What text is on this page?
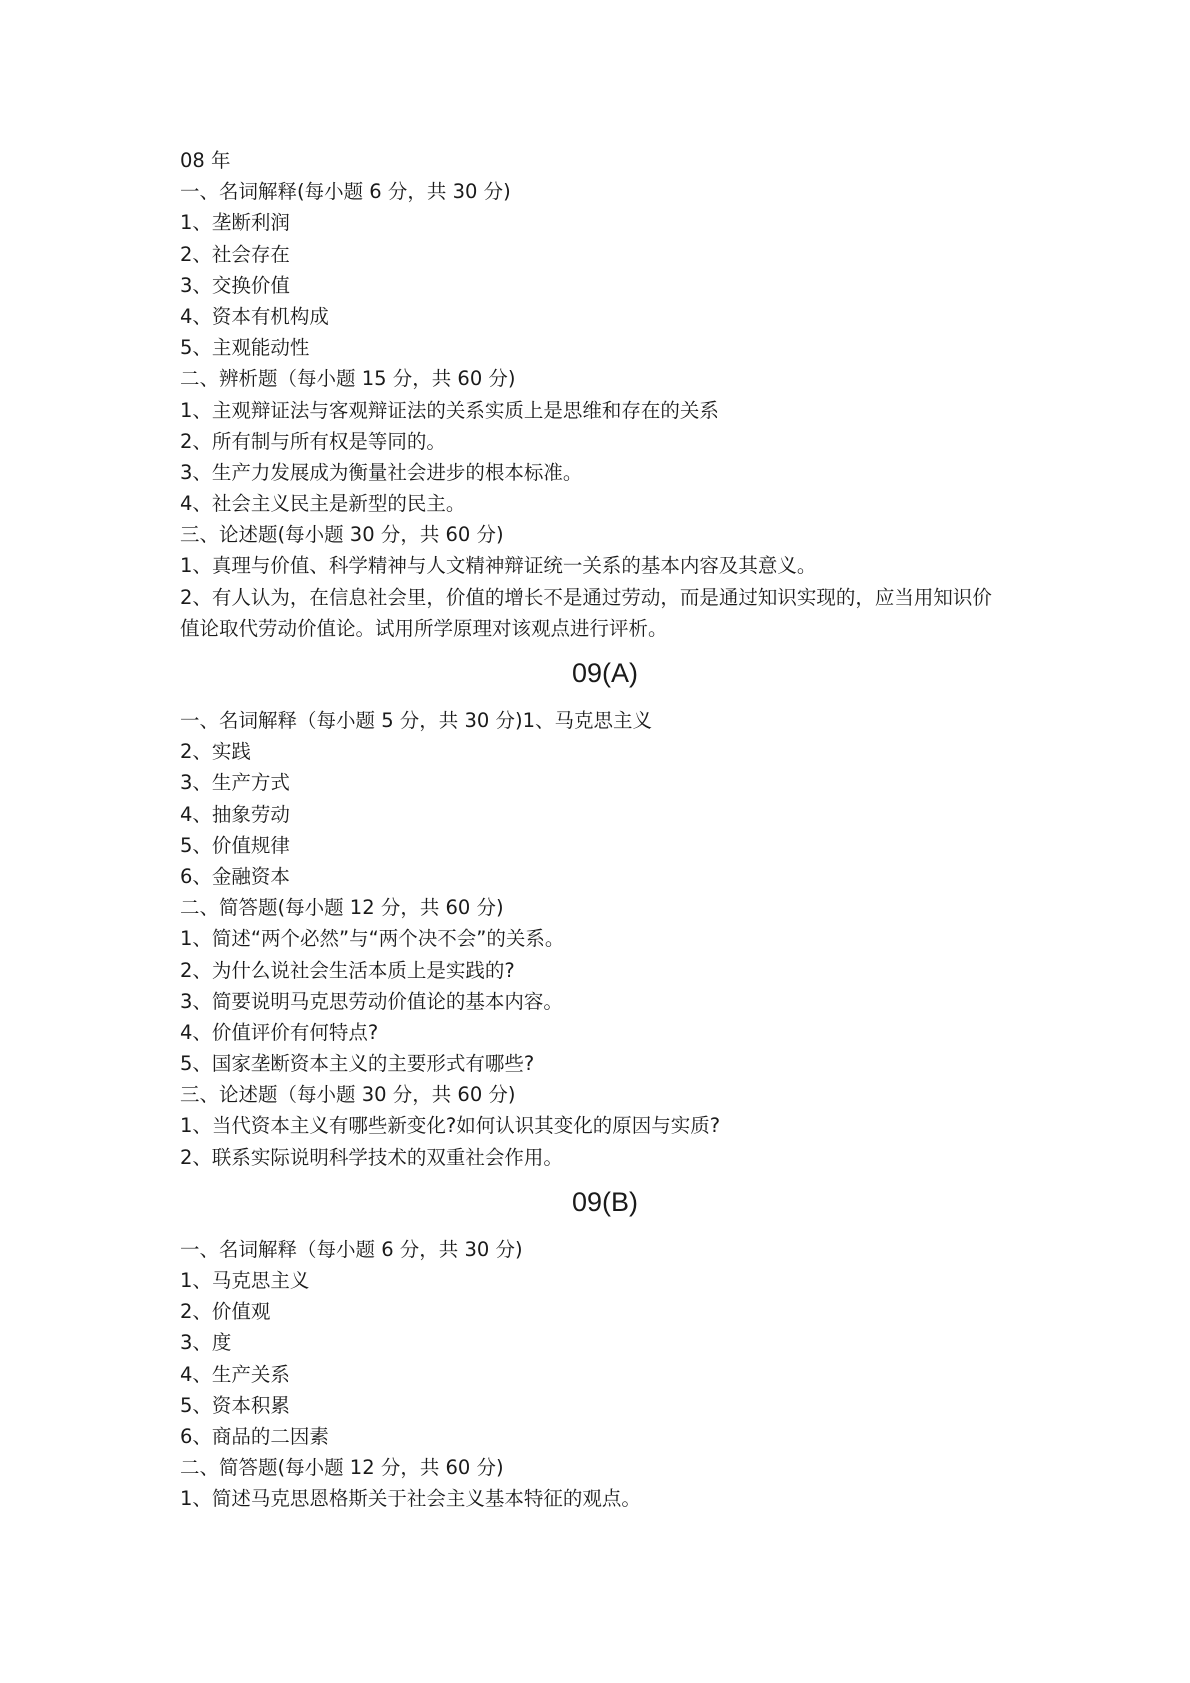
08 年
一、名词解释(每小题 6 分，共 30 分)
1、垄断利润
2、社会存在
3、交换价值
4、资本有机构成
5、主观能动性
二、辨析题（每小题 15 分，共 60 分)
1、主观辩证法与客观辩证法的关系实质上是思维和存在的关系
2、所有制与所有权是等同的。
3、生产力发展成为衡量社会进步的根本标准。
4、社会主义民主是新型的民主。
三、论述题(每小题 30 分，共 60 分)
1、真理与价值、科学精神与人文精神辩证统一关系的基本内容及其意义。
2、有人认为，在信息社会里，价值的增长不是通过劳动，而是通过知识实现的，应当用知识价值论取代劳动价值论。试用所学原理对该观点进行评析。
09(A)
一、名词解释（每小题 5 分，共 30 分)1、马克思主义
2、实践
3、生产方式
4、抽象劳动
5、价值规律
6、金融资本
二、简答题(每小题 12 分，共 60 分)
1、简述“两个必然”与“两个决不会”的关系。
2、为什么说社会生活本质上是实践的?
3、简要说明马克思劳动价值论的基本内容。
4、价值评价有何特点?
5、国家垄断资本主义的主要形式有哪些?
三、论述题（每小题 30 分，共 60 分)
1、当代资本主义有哪些新变化?如何认识其变化的原因与实质?
2、联系实际说明科学技术的双重社会作用。
09(B)
一、名词解释（每小题 6 分，共 30 分)
1、马克思主义
2、价值观
3、度
4、生产关系
5、资本积累
6、商品的二因素
二、简答题(每小题 12 分，共 60 分)
1、简述马克思恩格斯关于社会主义基本特征的观点。
